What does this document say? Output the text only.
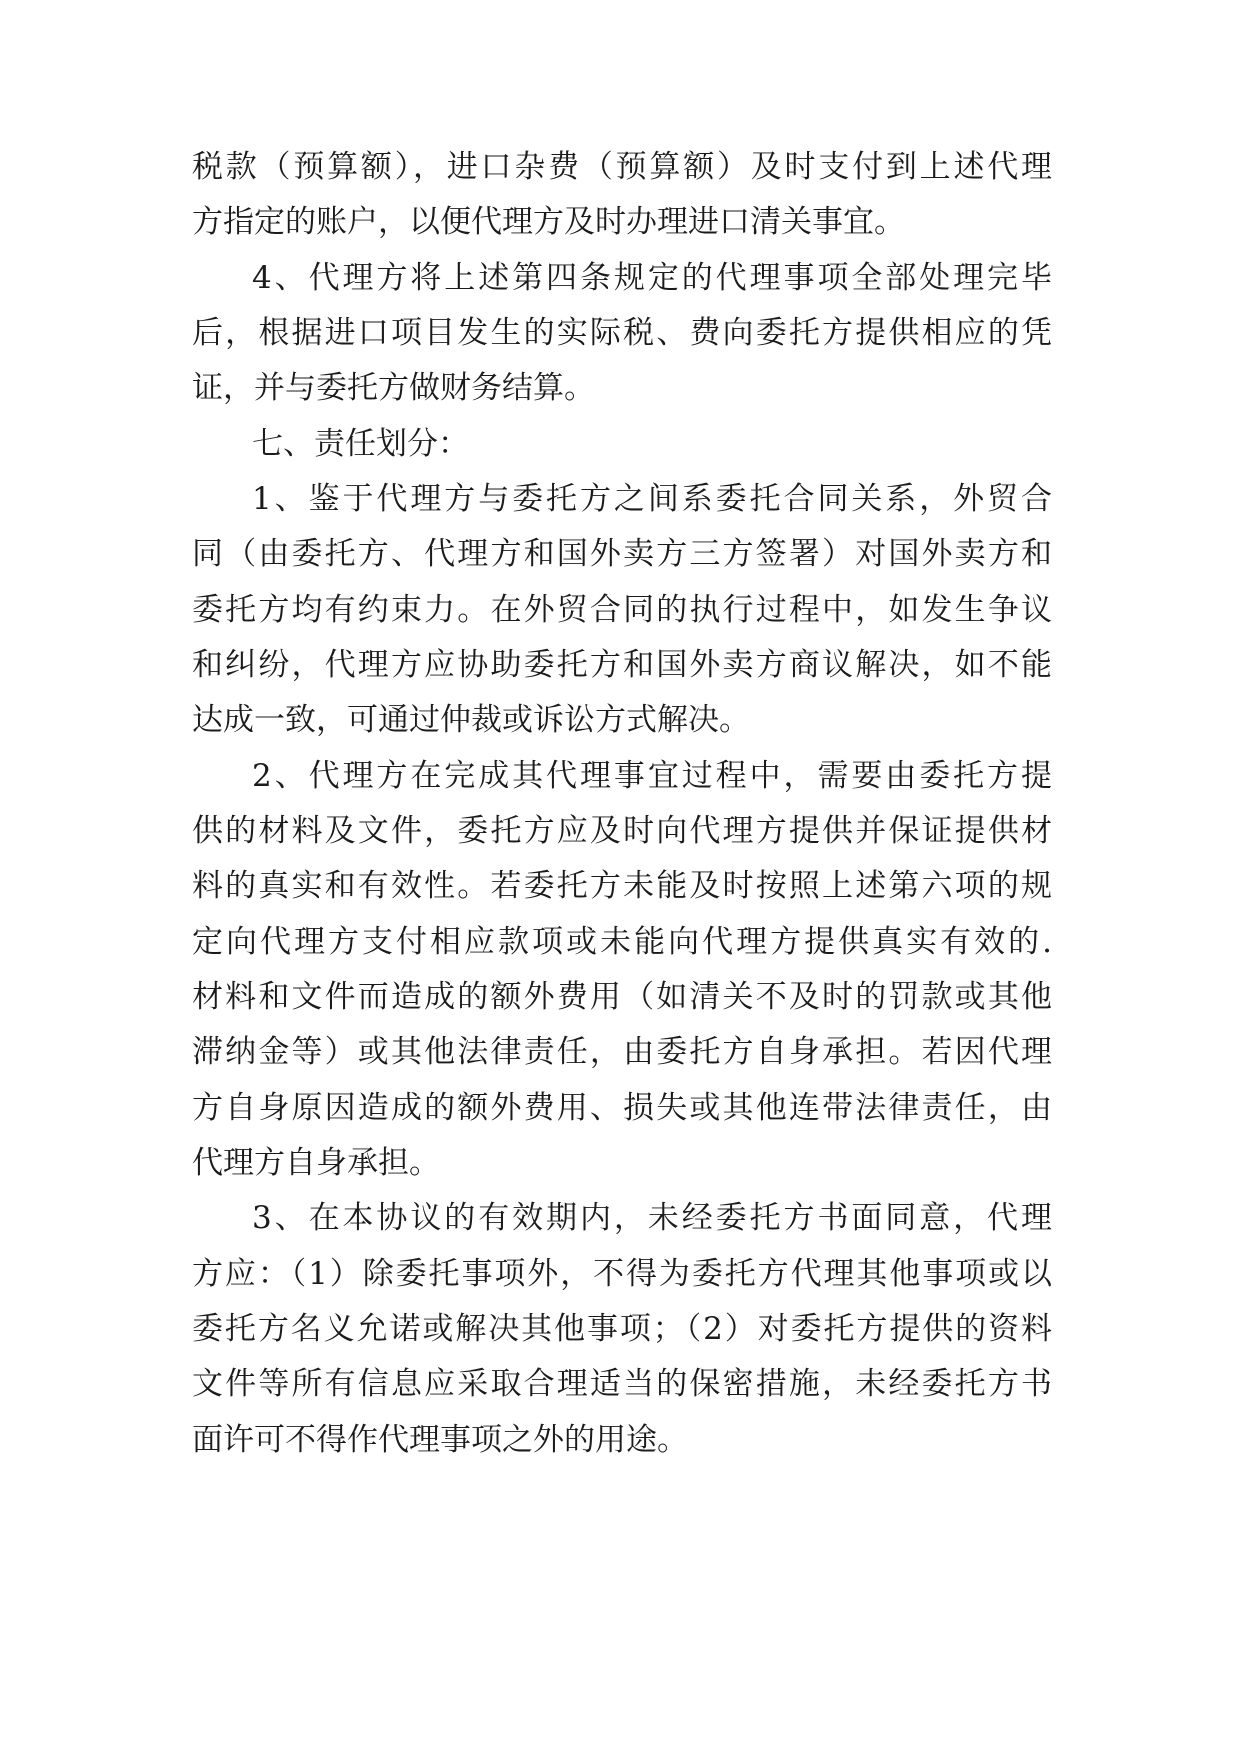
税款（预算额），进口杂费（预算额）及时支付到上述代理
方指定的账户，以便代理方及时办理进口清关事宜。
4、代理方将上述第四条规定的代理事项全部处理完毕
后，根据进口项目发生的实际税、费向委托方提供相应的凭
证，并与委托方做财务结算。
七、责任划分：
1、鉴于代理方与委托方之间系委托合同关系，外贸合
同（由委托方、代理方和国外卖方三方签署）对国外卖方和
委托方均有约束力。在外贸合同的执行过程中，如发生争议
和纠纷，代理方应协助委托方和国外卖方商议解决，如不能
达成一致，可通过仲裁或诉讼方式解决。
2、代理方在完成其代理事宜过程中，需要由委托方提
供的材料及文件，委托方应及时向代理方提供并保证提供材
料的真实和有效性。若委托方未能及时按照上述第六项的规
定向代理方支付相应款项或未能向代理方提供真实有效的.
材料和文件而造成的额外费用（如清关不及时的罚款或其他
滞纳金等）或其他法律责任，由委托方自身承担。若因代理
方自身原因造成的额外费用、损失或其他连带法律责任，由
代理方自身承担。
3、在本协议的有效期内，未经委托方书面同意，代理
方应：（1）除委托事项外，不得为委托方代理其他事项或以
委托方名义允诺或解决其他事项；（2）对委托方提供的资料
文件等所有信息应采取合理适当的保密措施，未经委托方书
面许可不得作代理事项之外的用途。
